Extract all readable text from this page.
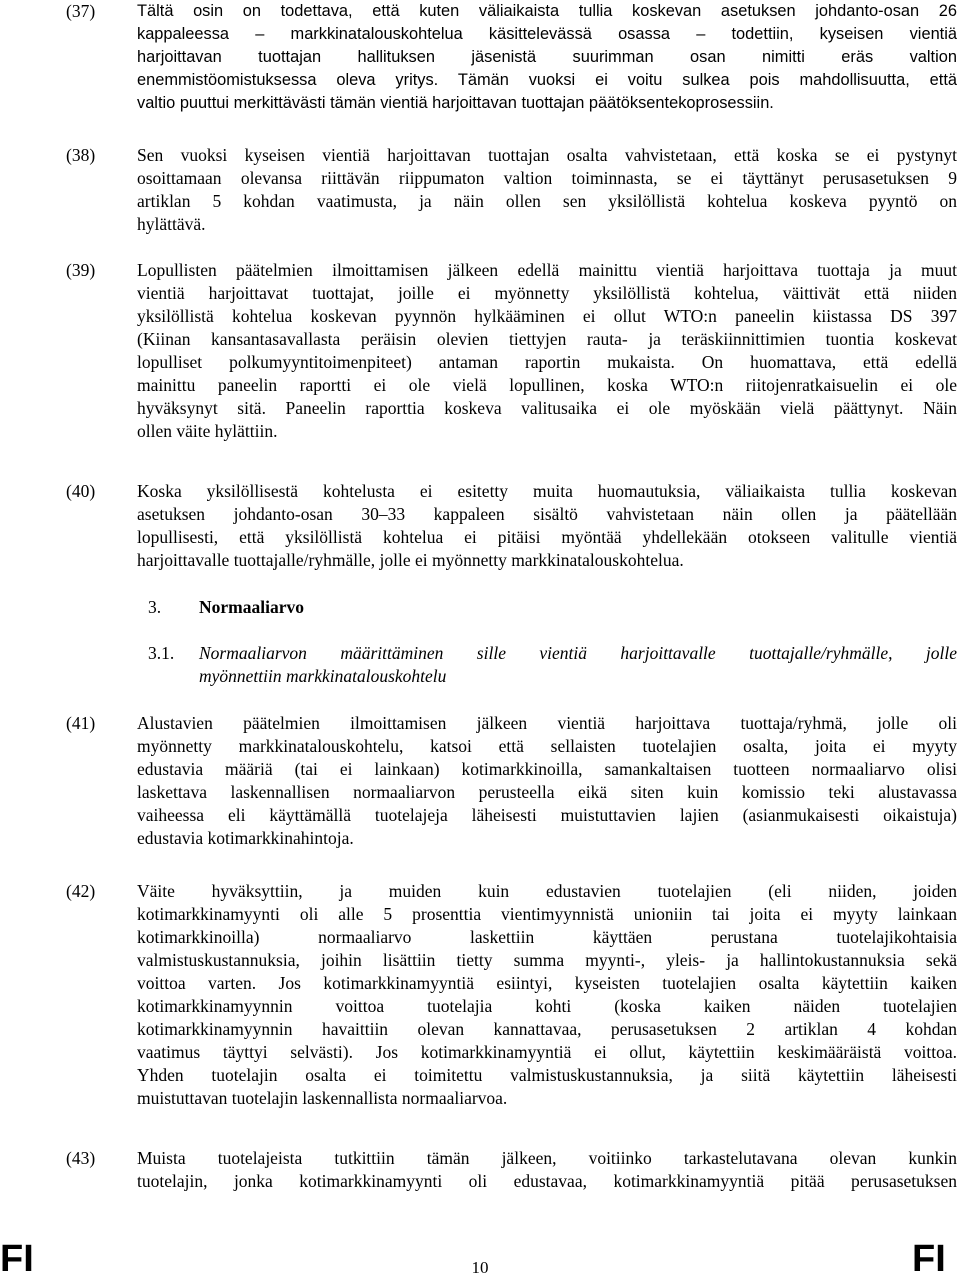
(37)	Tältä osin on todettava, että kuten väliaikaista tullia koskevan asetuksen johdanto-osan 26
kappaleessa – markkinatalouskohtelua käsittelevässä osassa – todettiin, kyseisen vientiä
harjoittavan tuottajan hallituksen jäsenistä suurimman osan nimitti eräs valtion
enemmistöomistuksessa oleva yritys. Tämän vuoksi ei voitu sulkea pois mahdollisuutta, että
valtio puuttui merkittävästi tämän vientiä harjoittavan tuottajan päätöksentekoprosessiin.
(38) Sen vuoksi kyseisen vientiä harjoittavan tuottajan osalta vahvistetaan, että koska se ei pystynyt
osoittamaan olevansa riittävän riippumaton valtion toiminnasta, se ei täyttänyt perusasetuksen 9
artiklan 5 kohdan vaatimusta, ja näin ollen sen yksilöllistä kohtelua koskeva pyyntö on
hylättävä.
(39) Lopullisten päätelmien ilmoittamisen jälkeen edellä mainittu vientiä harjoittava tuottaja ja muut
vientiä harjoittavat tuottajat, joille ei myönnetty yksilöllistä kohtelua, väittivät että niiden
yksilöllistä kohtelua koskevan pyynnön hylkääminen ei ollut WTO:n paneelin kiistassa DS 397
(Kiinan kansantasavallasta peräisin olevien tiettyjen rauta- ja teräskiinnittimien tuontia koskevat
lopulliset polkumyyntitoimenpiteet) antaman raportin mukaista. On huomattava, että edellä
mainittu paneelin raportti ei ole vielä lopullinen, koska WTO:n riitojenratkaisuelin ei ole
hyväksynyt sitä. Paneelin raporttia koskeva valitusaika ei ole myöskään vielä päättynyt. Näin
ollen väite hylättiin.
(40) Koska yksilöllisestä kohtelusta ei esitetty muita huomautuksia, väliaikaista tullia koskevan
asetuksen johdanto-osan 30–33 kappaleen sisältö vahvistetaan näin ollen ja päätellään
lopullisesti, että yksilöllistä kohtelua ei pitäisi myöntää yhdellekään otokseen valitulle vientiä
harjoittavalle tuottajalle/ryhmälle, jolle ei myönnetty markkinatalouskohtelua.
3. Normaaliarvo
3.1. Normaaliarvon määrittäminen sille vientiä harjoittavalle tuottajalle/ryhmälle, jolle
myönnettiin markkinatalouskohtelu
(41) Alustavien päätelmien ilmoittamisen jälkeen vientiä harjoittava tuottaja/ryhmä, jolle oli
myönnetty markkinatalouskohtelu, katsoi että sellaisten tuotelajien osalta, joita ei myyty
edustavia määriä (tai ei lainkaan) kotimarkkinoilla, samankaltaisen tuotteen normaaliarvo olisi
laskettava laskennallisen normaaliarvon perusteella eikä siten kuin komissio teki alustavassa
vaiheessa eli käyttämällä tuotelajeja läheisesti muistuttavien lajien (asianmukaisesti oikaistuja)
edustavia kotimarkkinahintoja.
(42) Väite hyväksyttiin, ja muiden kuin edustavien tuotelajien (eli niiden, joiden
kotimarkkinamyynti oli alle 5 prosenttia vientimyynnistä unioniin tai joita ei myyty lainkaan
kotimarkkinoilla) normaaliarvo laskettiin käyttäen perustana tuotelajikohtaisia
valmistuskustannuksia, joihin lisättiin tietty summa myynti-, yleis- ja hallintokustannuksia sekä
voittoa varten. Jos kotimarkkinamyyntiä esiintyi, kyseisten tuotelajien osalta käytettiin kaiken
kotimarkkinamyynnin voittoa tuotelajia kohti (koska kaiken näiden tuotelajien
kotimarkkinamyynnin havaittiin olevan kannattavaa, perusasetuksen 2 artiklan 4 kohdan
vaatimus täyttyi selvästi). Jos kotimarkkinamyyntiä ei ollut, käytettiin keskimääräistä voittoa.
Yhden tuotelajin osalta ei toimitettu valmistuskustannuksia, ja siitä käytettiin läheisesti
muistuttavan tuotelajin laskennallista normaaliarvoa.
(43) Muista tuotelajeista tutkittiin tämän jälkeen, voitiinko tarkastelutavana olevan kunkin
tuotelajin, jonka kotimarkkinamyynti oli edustavaa, kotimarkkinamyyntiä pitää perusasetuksen
FI	10	FI
